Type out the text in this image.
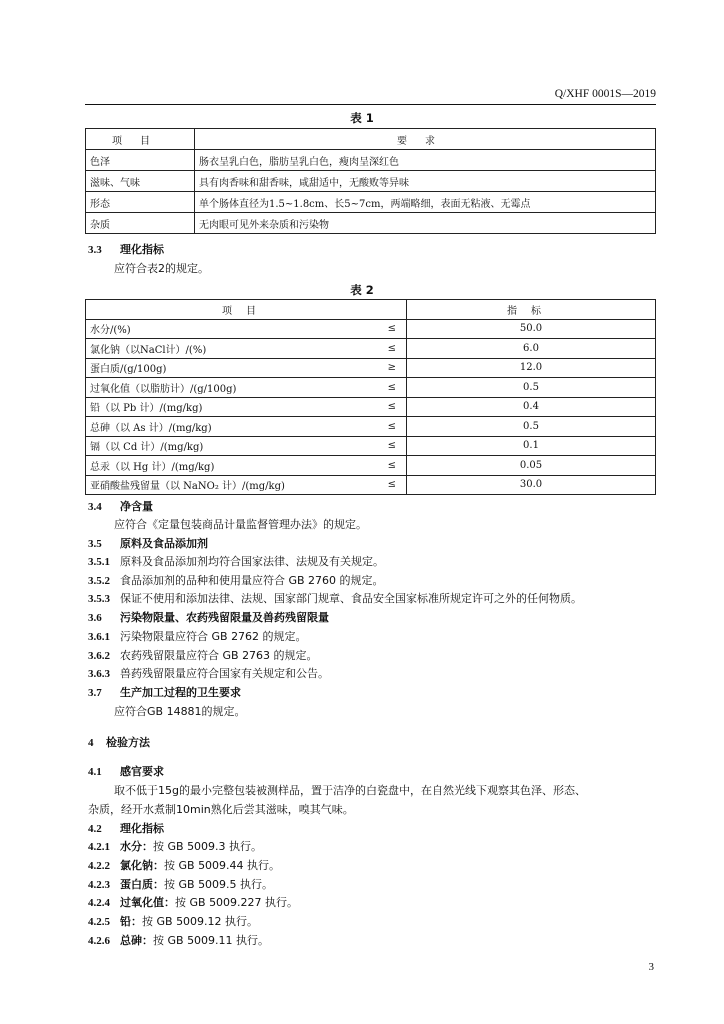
Q/XHF 0001S—2019
表 1
项目	要求
色泽	肠衣呈乳白色，脂肪呈乳白色，瘦肉呈深红色
滋味、气味	具有肉香味和甜香味，咸甜适中，无酸败等异味
形态	单个肠体直径为1.5~1.8cm、长5~7cm，两端略细，表面无粘液、无霉点
杂质	无肉眼可见外来杂质和污染物
3.3 理化指标
应符合表2的规定。
表 2
项目		指标
水分/(%)	≤	50.0
氯化钠（以NaCl计）/(%)	≤	6.0
蛋白质/(g/100g)	≥	12.0
过氧化值（以脂肪计）/(g/100g)	≤	0.5
铅（以 Pb 计）/(mg/kg)	≤	0.4
总砷（以 As 计）/(mg/kg)	≤	0.5
镉（以 Cd 计）/(mg/kg)	≤	0.1
总汞（以 Hg 计）/(mg/kg)	≤	0.05
亚硝酸盐残留量（以 NaNO₂ 计）/(mg/kg)	≤	30.0
3.4 净含量
应符合《定量包装商品计量监督管理办法》的规定。
3.5 原料及食品添加剂
3.5.1 原料及食品添加剂均符合国家法律、法规及有关规定。
3.5.2 食品添加剂的品种和使用量应符合 GB 2760 的规定。
3.5.3 保证不使用和添加法律、法规、国家部门规章、食品安全国家标准所规定许可之外的任何物质。
3.6 污染物限量、农药残留限量及兽药残留限量
3.6.1 污染物限量应符合 GB 2762 的规定。
3.6.2 农药残留限量应符合 GB 2763 的规定。
3.6.3 兽药残留限量应符合国家有关规定和公告。
3.7 生产加工过程的卫生要求
应符合GB 14881的规定。
4 检验方法
4.1 感官要求
取不低于15g的最小完整包装被测样品，置于洁净的白瓷盘中，在自然光线下观察其色泽、形态、
杂质，经开水煮制10min熟化后尝其滋味，嗅其气味。
4.2 理化指标
4.2.1 水分：按 GB 5009.3 执行。
4.2.2 氯化钠：按 GB 5009.44 执行。
4.2.3 蛋白质：按 GB 5009.5 执行。
4.2.4 过氧化值：按 GB 5009.227 执行。
4.2.5 铅：按 GB 5009.12 执行。
4.2.6 总砷：按 GB 5009.11 执行。
3
